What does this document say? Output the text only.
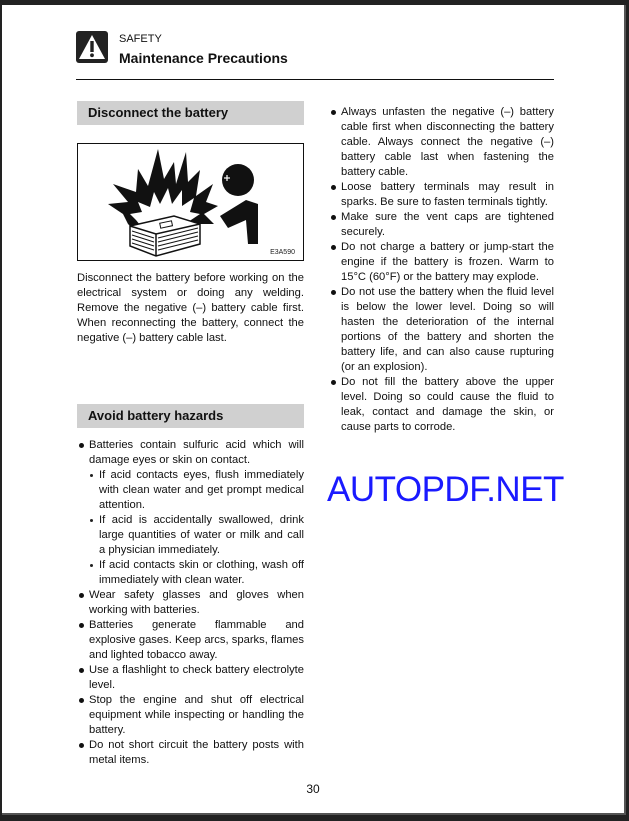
SAFETY
Maintenance Precautions
Disconnect the battery
E3A590
Disconnect the battery before working on the electrical system or doing any welding. Remove the negative (–) battery cable first. When reconnecting the battery, connect the negative (–) battery cable last.
Avoid battery hazards
Batteries contain sulfuric acid which will damage eyes or skin on contact.
If acid contacts eyes, flush immediately with clean water and get prompt medical attention.
If acid is accidentally swallowed, drink large quantities of water or milk and call a physician immediately.
If acid contacts skin or clothing, wash off immediately with clean water.
Wear safety glasses and gloves when working with batteries.
Batteries generate flammable and explosive gases. Keep arcs, sparks, flames and lighted tobacco away.
Use a flashlight to check battery electrolyte level.
Stop the engine and shut off electrical equipment while inspecting or handling the battery.
Do not short circuit the battery posts with metal items.
Always unfasten the negative (–) battery cable first when disconnecting the battery cable. Always connect the negative (–) battery cable last when fastening the battery cable.
Loose battery terminals may result in sparks. Be sure to fasten terminals tightly.
Make sure the vent caps are tightened securely.
Do not charge a battery or jump-start the engine if the battery is frozen. Warm to 15°C (60°F) or the battery may explode.
Do not use the battery when the fluid level is below the lower level. Doing so will hasten the deterioration of the internal portions of the battery and shorten the battery life, and can also cause rupturing (or an explosion).
Do not fill the battery above the upper level. Doing so could cause the fluid to leak, contact and damage the skin, or cause parts to corrode.
30
AUTOPDF.NET
